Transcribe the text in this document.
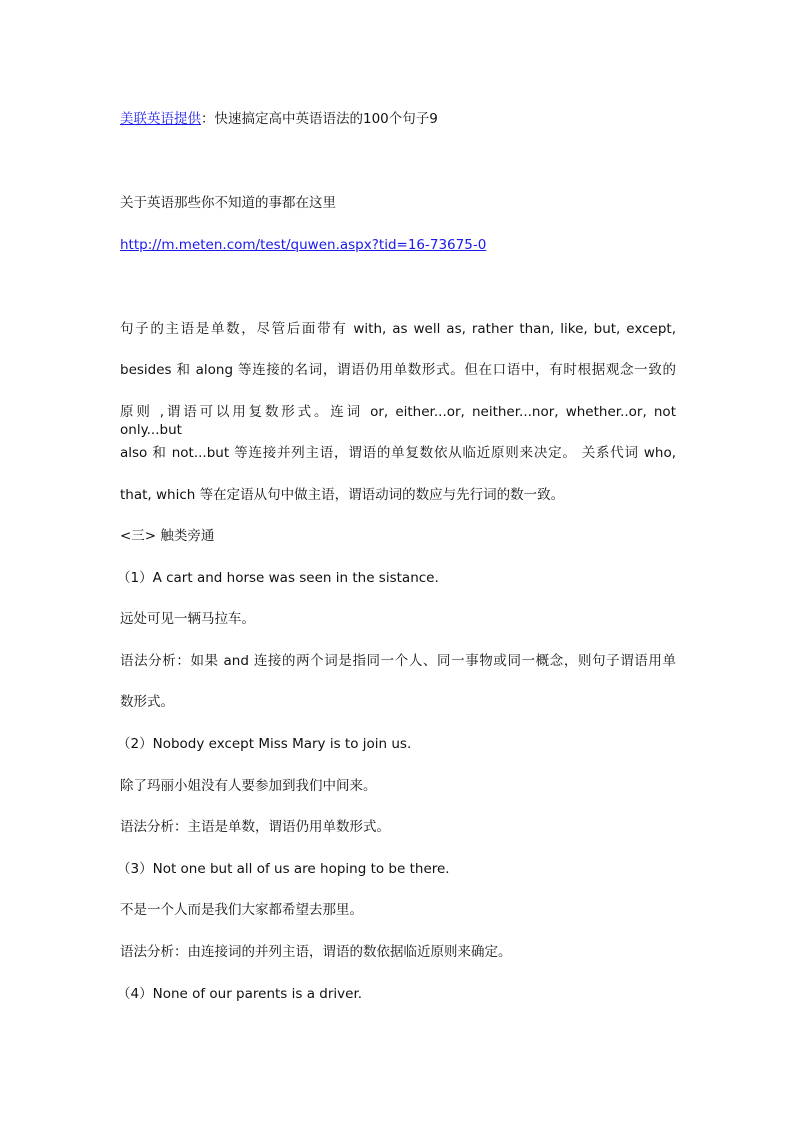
美联英语提供：快速搞定高中英语语法的100个句子9
关于英语那些你不知道的事都在这里
http://m.meten.com/test/quwen.aspx?tid=16-73675-0
句子的主语是单数，尽管后面带有 with, as well as, rather than, like, but, except,
besides 和 along 等连接的名词，谓语仍用单数形式。但在口语中，有时根据观念一致的
原则 ,谓语可以用复数形式。连词 or, either...or, neither...nor, whether..or, not only...but
also 和 not...but 等连接并列主语，谓语的单复数依从临近原则来决定。 关系代词 who,
that, which 等在定语从句中做主语，谓语动词的数应与先行词的数一致。
<三> 触类旁通
（1）A cart and horse was seen in the sistance.
远处可见一辆马拉车。
语法分析：如果 and 连接的两个词是指同一个人、同一事物或同一概念，则句子谓语用单
数形式。
（2）Nobody except Miss Mary is to join us.
除了玛丽小姐没有人要参加到我们中间来。
语法分析：主语是单数，谓语仍用单数形式。
（3）Not one but all of us are hoping to be there.
不是一个人而是我们大家都希望去那里。
语法分析：由连接词的并列主语，谓语的数依据临近原则来确定。
（4）None of our parents is a driver.
